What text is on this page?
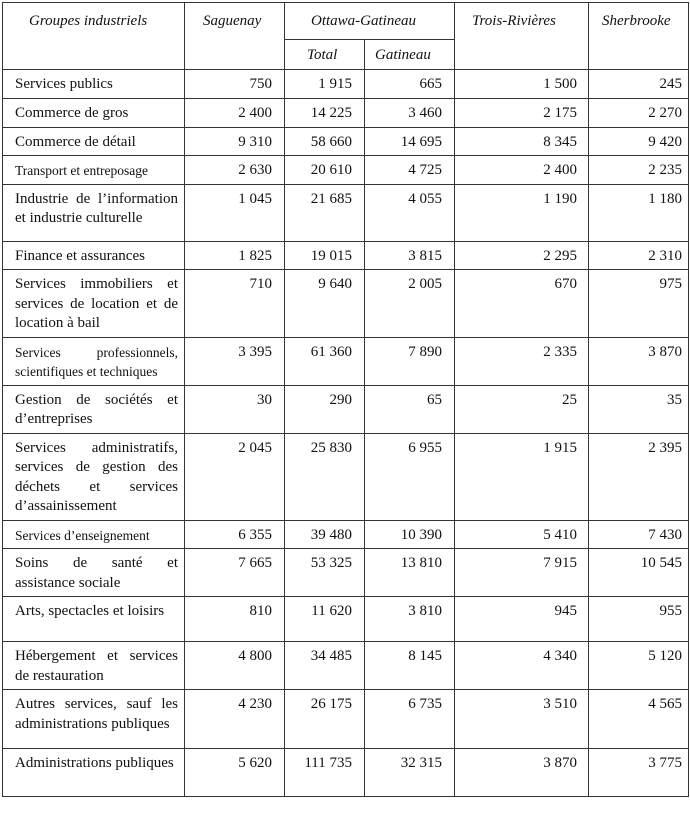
Groupes industriels	Saguenay	Ottawa-Gatineau		Trois-Rivières	Sherbrooke
		Total	Gatineau		
Services publics	750	1 915	665	1 500	245
Commerce de gros	2 400	14 225	3 460	2 175	2 270
Commerce de détail	9 310	58 660	14 695	8 345	9 420
Transport et entreposage	2 630	20 610	4 725	2 400	2 235
Industrie de l’information et industrie culturelle	1 045	21 685	4 055	1 190	1 180
Finance et assurances	1 825	19 015	3 815	2 295	2 310
Services immobiliers et services de location et de location à bail	710	9 640	2 005	670	975
Services professionnels, scientifiques et techniques	3 395	61 360	7 890	2 335	3 870
Gestion de sociétés et d’entreprises	30	290	65	25	35
Services administratifs, services de gestion des déchets et services d’assainissement	2 045	25 830	6 955	1 915	2 395
Services d’enseignement	6 355	39 480	10 390	5 410	7 430
Soins de santé et assistance sociale	7 665	53 325	13 810	7 915	10 545
Arts, spectacles et loisirs	810	11 620	3 810	945	955
Hébergement et services de restauration	4 800	34 485	8 145	4 340	5 120
Autres services, sauf les administrations publiques	4 230	26 175	6 735	3 510	4 565
Administrations publiques	5 620	111 735	32 315	3 870	3 775
